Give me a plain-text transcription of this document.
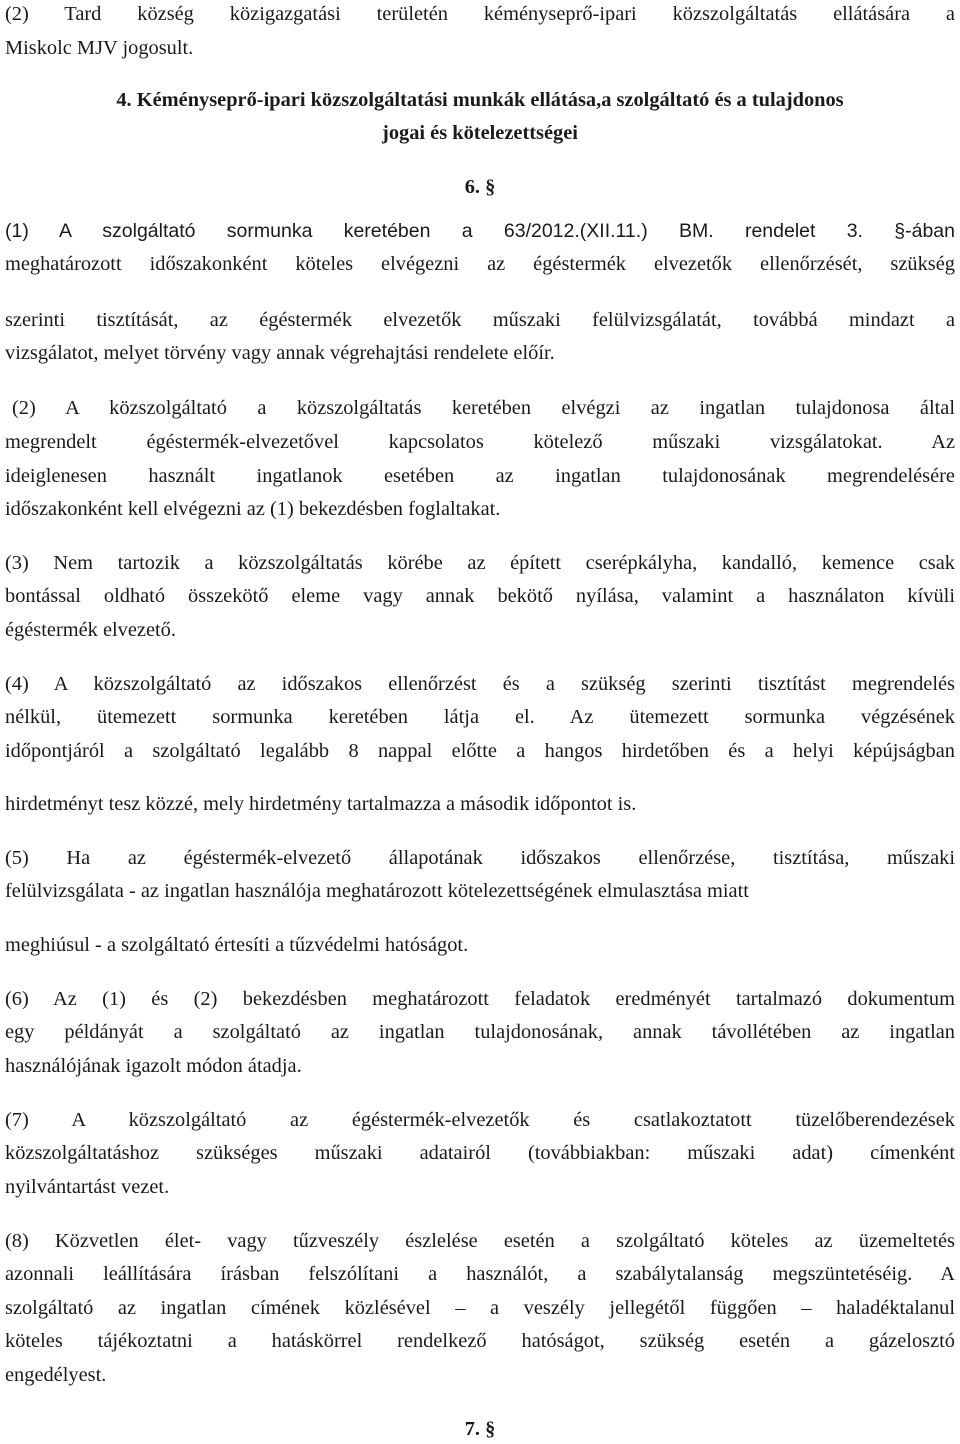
(2) Tard község közigazgatási területén kéményseprő-ipari közszolgáltatás ellátására a
Miskolc MJV jogosult.
4. Kéményseprő-ipari közszolgáltatási munkák ellátása,a szolgáltató és a tulajdonos
jogai és kötelezettségei
6. §
(1) A szolgáltató sormunka keretében a 63/2012.(XII.11.) BM. rendelet 3. §-ában
meghatározott időszakonként köteles elvégezni az égéstermék elvezetők ellenőrzését, szükség
szerinti tisztítását, az égéstermék elvezetők műszaki felülvizsgálatát, továbbá mindazt a
vizsgálatot, melyet törvény vagy annak végrehajtási rendelete előír.
(2) A közszolgáltató a közszolgáltatás keretében elvégzi az ingatlan tulajdonosa által
megrendelt égéstermék-elvezetővel kapcsolatos kötelező műszaki vizsgálatokat. Az
ideiglenesen használt ingatlanok esetében az ingatlan tulajdonosának megrendelésére
időszakonként kell elvégezni az (1) bekezdésben foglaltakat.
(3) Nem tartozik a közszolgáltatás körébe az épített cserépkályha, kandalló, kemence csak
bontással oldható összekötő eleme vagy annak bekötő nyílása, valamint a használaton kívüli
égéstermék elvezető.
(4) A közszolgáltató az időszakos ellenőrzést és a szükség szerinti tisztítást megrendelés
nélkül, ütemezett sormunka keretében látja el. Az ütemezett sormunka végzésének
időpontjáról a szolgáltató legalább 8 nappal előtte a hangos hirdetőben és a helyi képújságban
hirdetményt tesz közzé, mely hirdetmény tartalmazza a második időpontot is.
(5) Ha az égéstermék-elvezető állapotának időszakos ellenőrzése, tisztítása, műszaki
felülvizsgálata - az ingatlan használója meghatározott kötelezettségének elmulasztása miatt
meghiúsul - a szolgáltató értesíti a tűzvédelmi hatóságot.
(6) Az (1) és (2) bekezdésben meghatározott feladatok eredményét tartalmazó dokumentum
egy példányát a szolgáltató az ingatlan tulajdonosának, annak távollétében az ingatlan
használójának igazolt módon átadja.
(7) A közszolgáltató az égéstermék-elvezetők és csatlakoztatott tüzelőberendezések
közszolgáltatáshoz szükséges műszaki adatairól (továbbiakban: műszaki adat) címenként
nyilvántartást vezet.
(8) Közvetlen élet- vagy tűzveszély észlelése esetén a szolgáltató köteles az üzemeltetés
azonnali leállítására írásban felszólítani a használót, a szabálytalanság megszüntetéséig. A
szolgáltató az ingatlan címének közlésével – a veszély jellegétől függően – haladéktalanul
köteles tájékoztatni a hatáskörrel rendelkező hatóságot, szükség esetén a gázelosztó
engedélyest.
7. §
